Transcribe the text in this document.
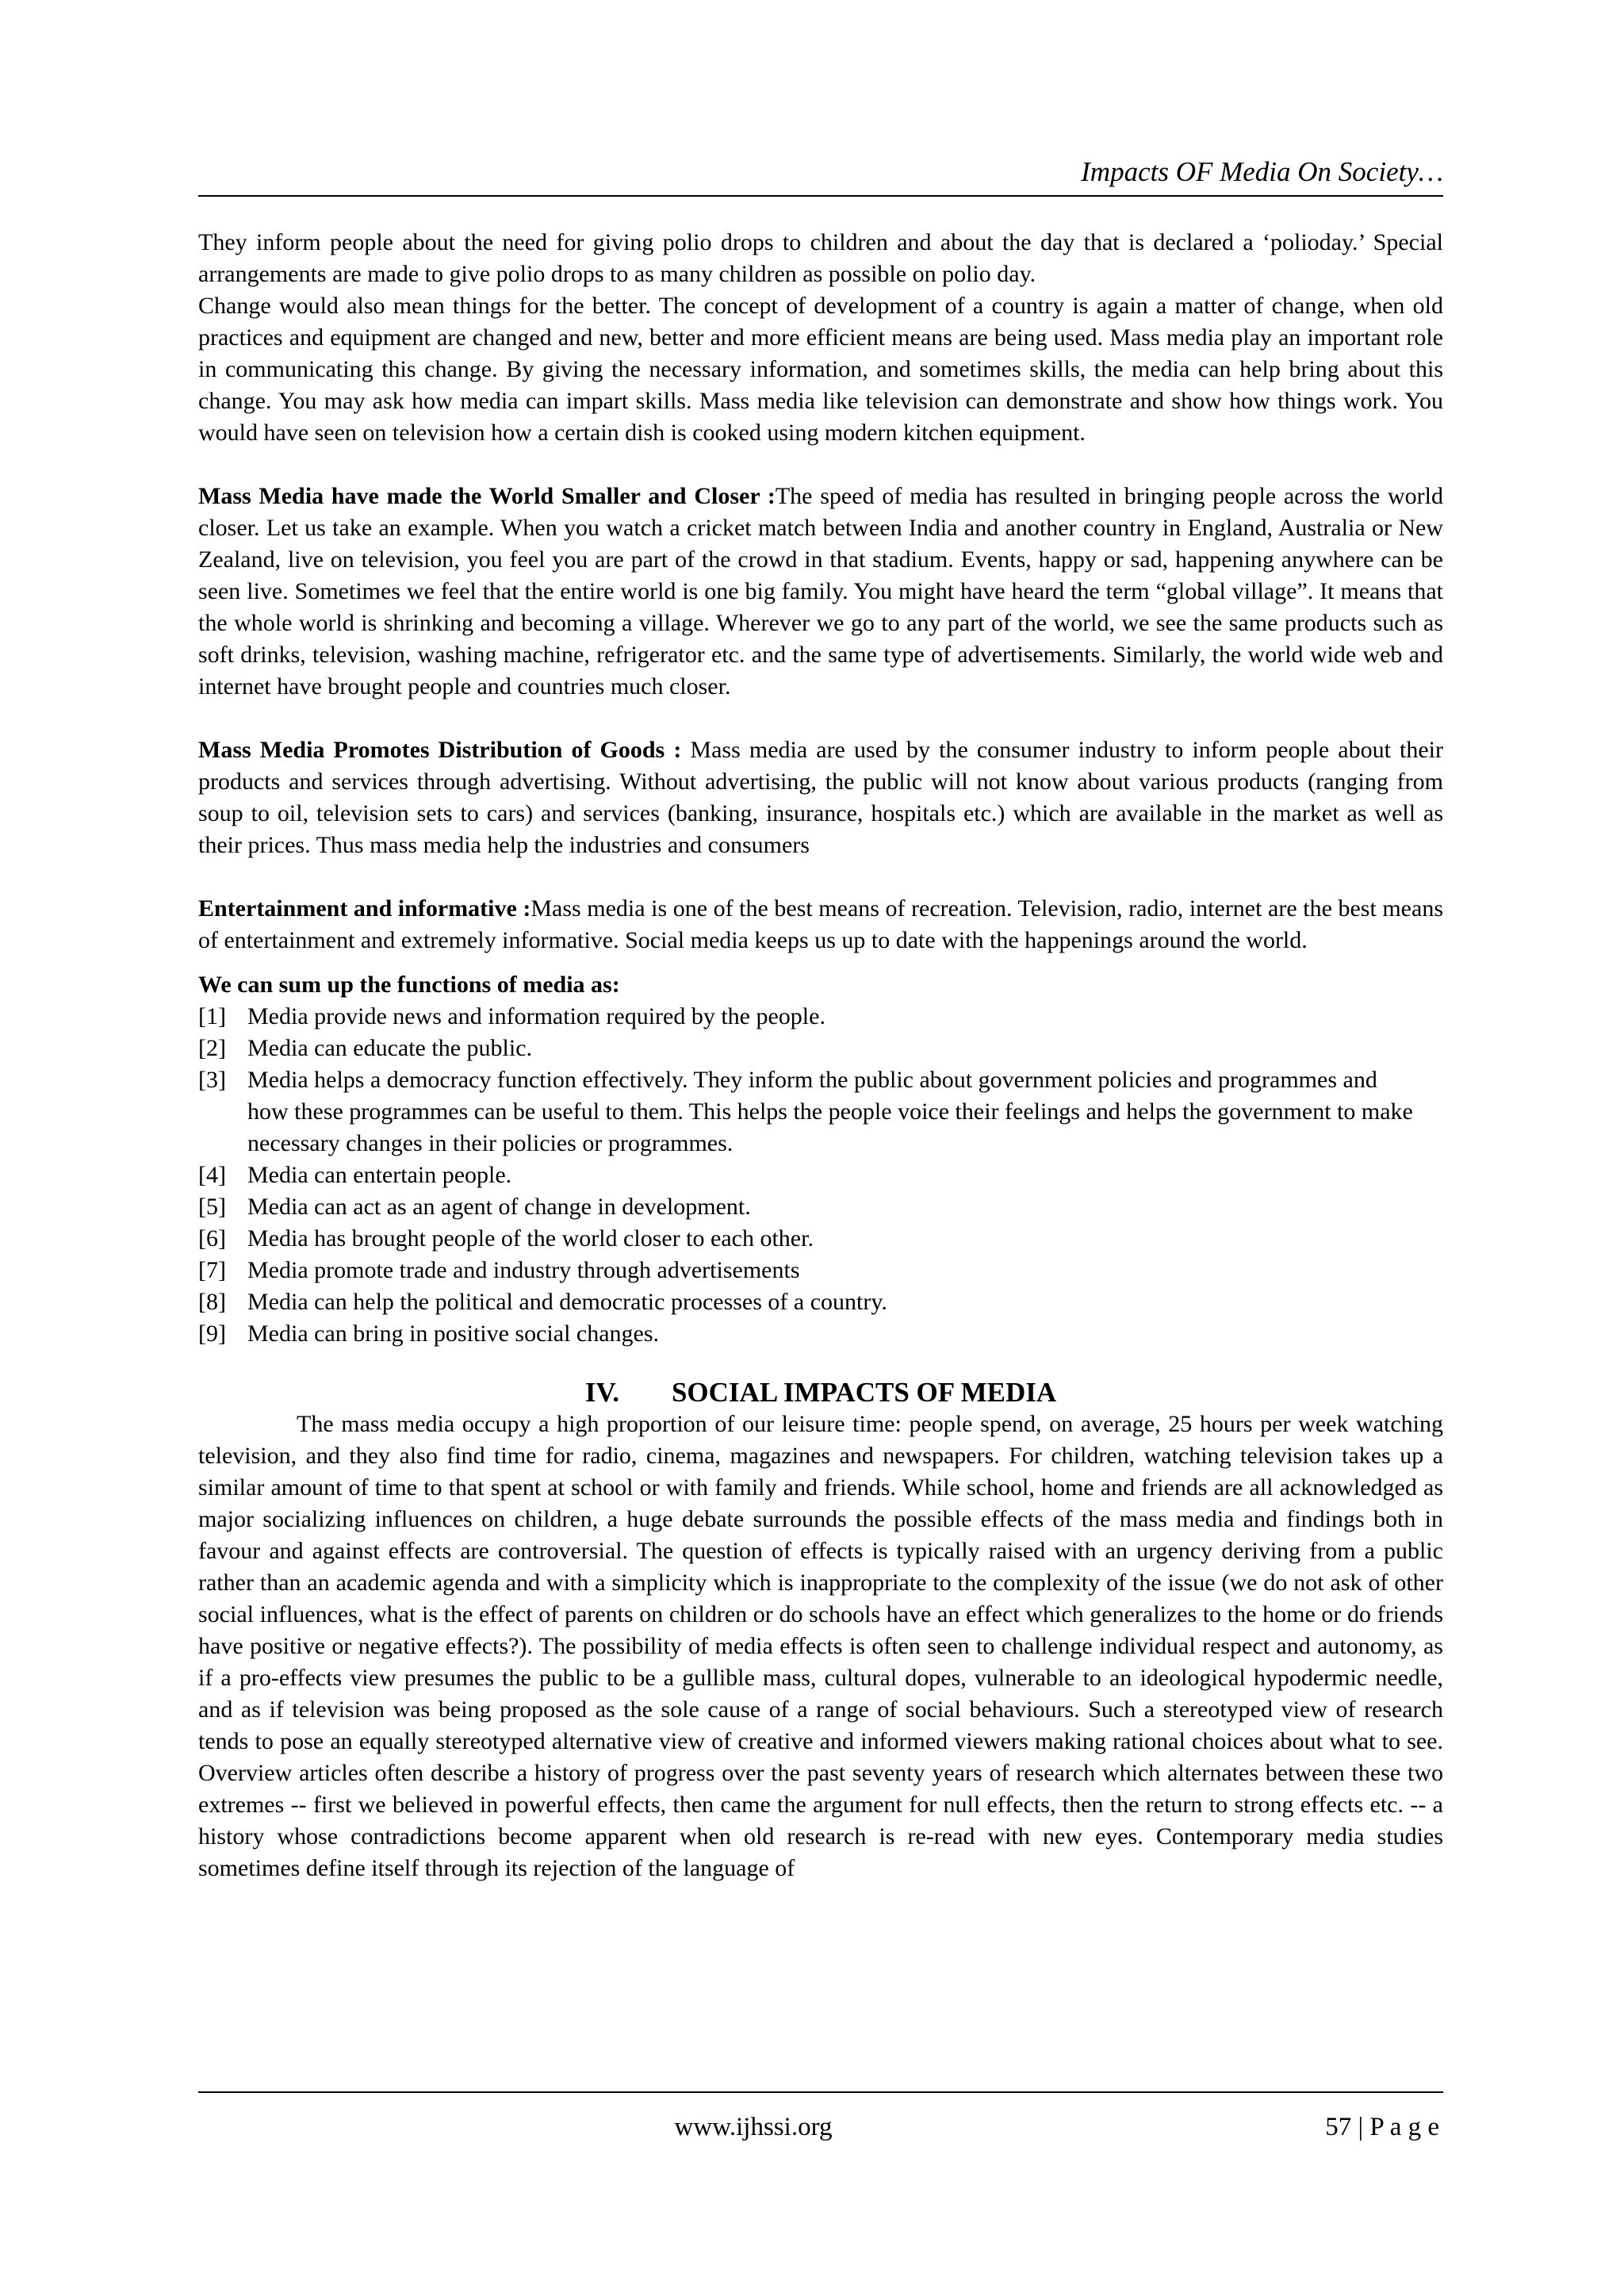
Impacts OF Media On Society…

They inform people about the need for giving polio drops to children and about the day that is declared a ‘polioday.’ Special arrangements are made to give polio drops to as many children as possible on polio day.

Change would also mean things for the better. The concept of development of a country is again a matter of change, when old practices and equipment are changed and new, better and more efficient means are being used. Mass media play an important role in communicating this change. By giving the necessary information, and sometimes skills, the media can help bring about this change. You may ask how media can impart skills. Mass media like television can demonstrate and show how things work. You would have seen on television how a certain dish is cooked using modern kitchen equipment.

Mass Media have made the World Smaller and Closer :The speed of media has resulted in bringing people across the world closer. Let us take an example. When you watch a cricket match between India and another country in England, Australia or New Zealand, live on television, you feel you are part of the crowd in that stadium. Events, happy or sad, happening anywhere can be seen live. Sometimes we feel that the entire world is one big family. You might have heard the term “global village”. It means that the whole world is shrinking and becoming a village. Wherever we go to any part of the world, we see the same products such as soft drinks, television, washing machine, refrigerator etc. and the same type of advertisements. Similarly, the world wide web and internet have brought people and countries much closer.

Mass Media Promotes Distribution of Goods : Mass media are used by the consumer industry to inform people about their products and services through advertising. Without advertising, the public will not know about various products (ranging from soup to oil, television sets to cars) and services (banking, insurance, hospitals etc.) which are available in the market as well as their prices. Thus mass media help the industries and consumers

Entertainment and informative :Mass media is one of the best means of recreation. Television, radio, internet are the best means of entertainment and extremely informative. Social media keeps us up to date with the happenings around the world.

We can sum up the functions of media as:

[1] Media provide news and information required by the people.
[2] Media can educate the public.
[3] Media helps a democracy function effectively. They inform the public about government policies and programmes and how these programmes can be useful to them. This helps the people voice their feelings and helps the government to make necessary changes in their policies or programmes.
[4] Media can entertain people.
[5] Media can act as an agent of change in development.
[6] Media has brought people of the world closer to each other.
[7] Media promote trade and industry through advertisements
[8] Media can help the political and democratic processes of a country.
[9] Media can bring in positive social changes.
IV. SOCIAL IMPACTS OF MEDIA

The mass media occupy a high proportion of our leisure time: people spend, on average, 25 hours per week watching television, and they also find time for radio, cinema, magazines and newspapers. For children, watching television takes up a similar amount of time to that spent at school or with family and friends. While school, home and friends are all acknowledged as major socializing influences on children, a huge debate surrounds the possible effects of the mass media and findings both in favour and against effects are controversial. The question of effects is typically raised with an urgency deriving from a public rather than an academic agenda and with a simplicity which is inappropriate to the complexity of the issue (we do not ask of other social influences, what is the effect of parents on children or do schools have an effect which generalizes to the home or do friends have positive or negative effects?). The possibility of media effects is often seen to challenge individual respect and autonomy, as if a pro-effects view presumes the public to be a gullible mass, cultural dopes, vulnerable to an ideological hypodermic needle, and as if television was being proposed as the sole cause of a range of social behaviours. Such a stereotyped view of research tends to pose an equally stereotyped alternative view of creative and informed viewers making rational choices about what to see. Overview articles often describe a history of progress over the past seventy years of research which alternates between these two extremes -- first we believed in powerful effects, then came the argument for null effects, then the return to strong effects etc. -- a history whose contradictions become apparent when old research is re-read with new eyes. Contemporary media studies sometimes define itself through its rejection of the language of

www.ijhssi.org	57 | P a g e
